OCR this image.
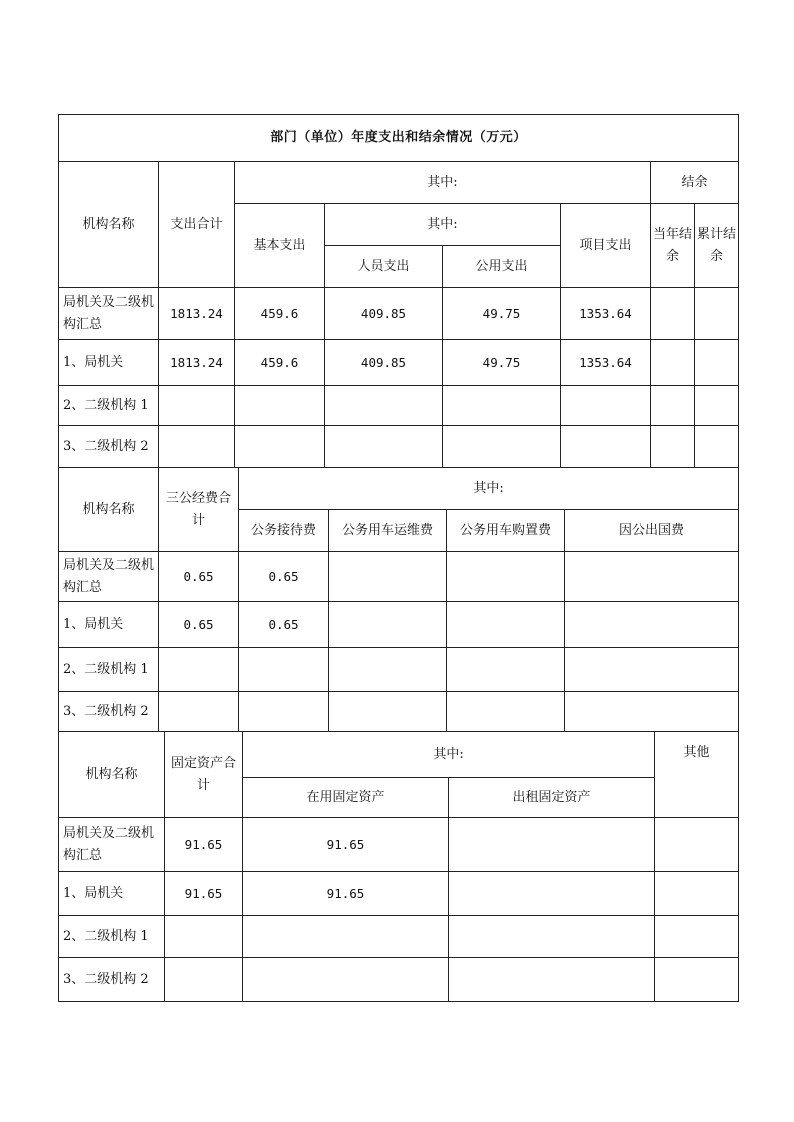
部门（单位）年度支出和结余情况（万元）							
机构名称	支出合计	其中:				结余	
		基本支出	其中:		项目支出	当年结余	累计结余
			人员支出	公用支出			
局机关及二级机构汇总	1813.24	459.6	409.85	49.75	1353.64		
1、局机关	1813.24	459.6	409.85	49.75	1353.64		
2、二级机构 1							
3、二级机构 2							
机构名称	三公经费合计	其中:			
		公务接待费	公务用车运维费	公务用车购置费	因公出国费
局机关及二级机构汇总	0.65	0.65			
1、局机关	0.65	0.65			
2、二级机构 1					
3、二级机构 2					
机构名称	固定资产合计	其中:		其他
		在用固定资产	出租固定资产	
局机关及二级机构汇总	91.65	91.65		
1、局机关	91.65	91.65		
2、二级机构 1				
3、二级机构 2				
